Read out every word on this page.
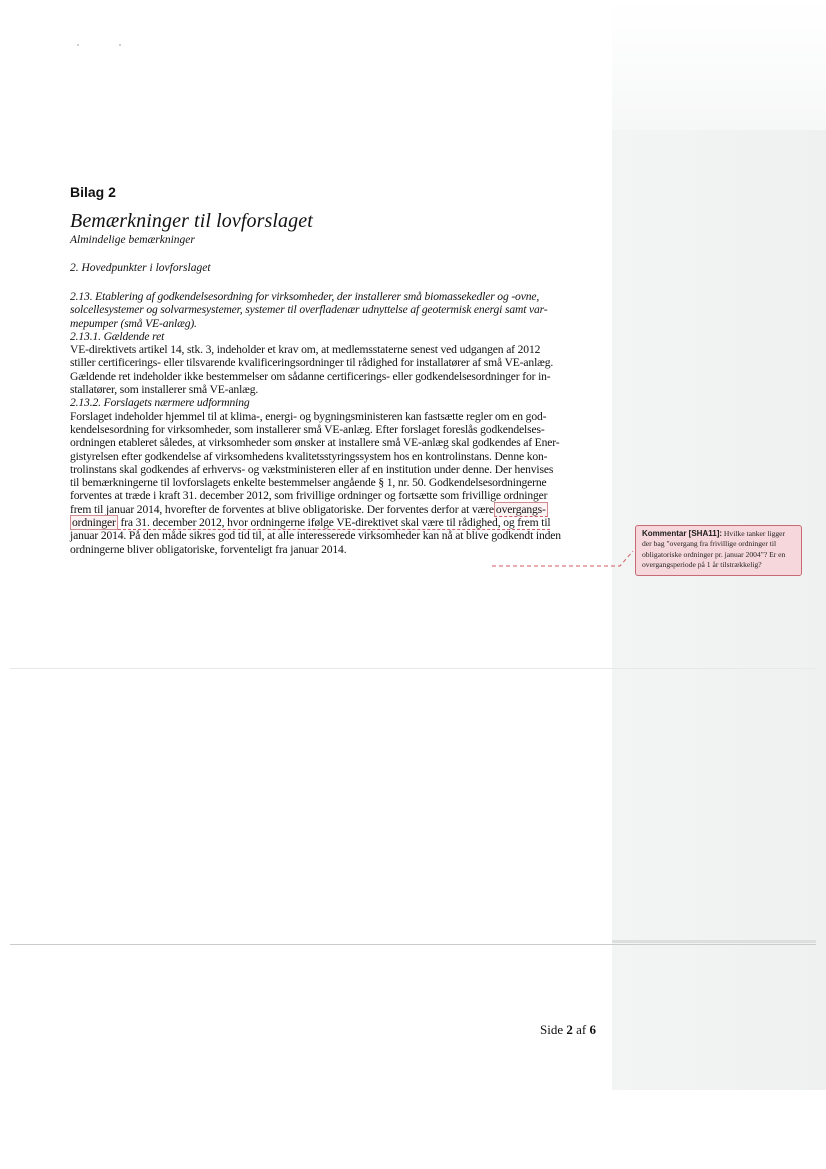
Bilag 2
Bemærkninger til lovforslaget
Almindelige bemærkninger
2. Hovedpunkter i lovforslaget

2.13. Etablering af godkendelsesordning for virksomheder, der installerer små biomassekedler og -ovne,

solcellesystemer og solvarmesystemer, systemer til overfladenær udnyttelse af geotermisk energi samt var-

mepumper (små VE-anlæg).

2.13.1. Gældende ret

VE-direktivets artikel 14, stk. 3, indeholder et krav om, at medlemsstaterne senest ved udgangen af 2012

stiller certificerings- eller tilsvarende kvalificeringsordninger til rådighed for installatører af små VE-anlæg.

Gældende ret indeholder ikke bestemmelser om sådanne certificerings- eller godkendelsesordninger for in-

stallatører, som installerer små VE-anlæg.

2.13.2. Forslagets nærmere udformning

Forslaget indeholder hjemmel til at klima-, energi- og bygningsministeren kan fastsætte regler om en god-

kendelsesordning for virksomheder, som installerer små VE-anlæg. Efter forslaget foreslås godkendelses-

ordningen etableret således, at virksomheder som ønsker at installere små VE-anlæg skal godkendes af Ener-

gistyrelsen efter godkendelse af virksomhedens kvalitetsstyringssystem hos en kontrolinstans. Denne kon-

trolinstans skal godkendes af erhvervs- og vækstministeren eller af en institution under denne. Der henvises

til bemærkningerne til lovforslagets enkelte bestemmelser angående § 1, nr. 50. Godkendelsesordningerne

forventes at træde i kraft 31. december 2012, som frivillige ordninger og fortsætte som frivillige ordninger

frem til januar 2014, hvorefter de forventes at blive obligatoriske. Der forventes derfor at være overgangs-

ordninger fra 31. december 2012, hvor ordningerne ifølge VE-direktivet skal være til rådighed, og frem til

januar 2014. På den måde sikres god tid til, at alle interesserede virksomheder kan nå at blive godkendt inden

ordningerne bliver obligatoriske, forventeligt fra januar 2014.

Kommentar [SHA11]: Hvilke tanker ligger der bag "overgang fra frivillige ordninger til obligatoriske ordninger pr. januar 2004"? Er en overgangsperiode på 1 år tilstrækkelig?
Side 2 af 6
